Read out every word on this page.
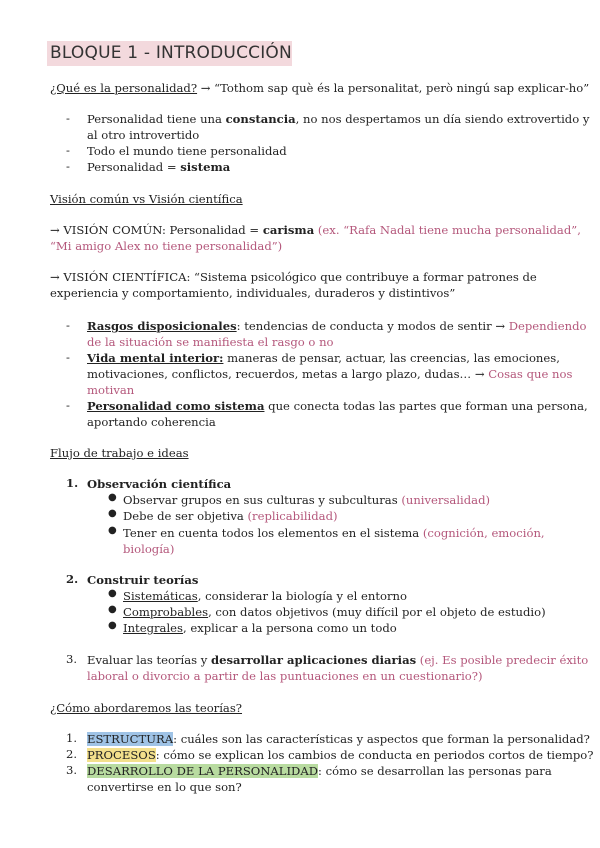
BLOQUE 1 - INTRODUCCIÓN
¿Qué es la personalidad? → “Tothom sap què és la personalitat, però ningú sap explicar-ho”
- Personalidad tiene una constancia, no nos despertamos un día siendo extrovertido y
al otro introvertido
- Todo el mundo tiene personalidad
- Personalidad = sistema
Visión común vs Visión científica
→ VISIÓN COMÚN: Personalidad = carisma (ex. “Rafa Nadal tiene mucha personalidad”,
“Mi amigo Alex no tiene personalidad”)
→ VISIÓN CIENTÍFICA: “Sistema psicológico que contribuye a formar patrones de
experiencia y comportamiento, individuales, duraderos y distintivos”
- Rasgos disposicionales: tendencias de conducta y modos de sentir → Dependiendo
de la situación se manifiesta el rasgo o no
- Vida mental interior: maneras de pensar, actuar, las creencias, las emociones,
motivaciones, conflictos, recuerdos, metas a largo plazo, dudas… → Cosas que nos
motivan
- Personalidad como sistema que conecta todas las partes que forman una persona,
aportando coherencia
Flujo de trabajo e ideas
1. Observación científica
● Observar grupos en sus culturas y subculturas (universalidad)
● Debe de ser objetiva (replicabilidad)
● Tener en cuenta todos los elementos en el sistema (cognición, emoción,
biología)
2. Construir teorías
● Sistemáticas, considerar la biología y el entorno
● Comprobables, con datos objetivos (muy difícil por el objeto de estudio)
● Integrales, explicar a la persona como un todo
3. Evaluar las teorías y desarrollar aplicaciones diarias (ej. Es posible predecir éxito
laboral o divorcio a partir de las puntuaciones en un cuestionario?)
¿Cómo abordaremos las teorías?
1. ESTRUCTURA: cuáles son las características y aspectos que forman la personalidad?
2. PROCESOS: cómo se explican los cambios de conducta en periodos cortos de tiempo?
3. DESARROLLO DE LA PERSONALIDAD: cómo se desarrollan las personas para
convertirse en lo que son?
